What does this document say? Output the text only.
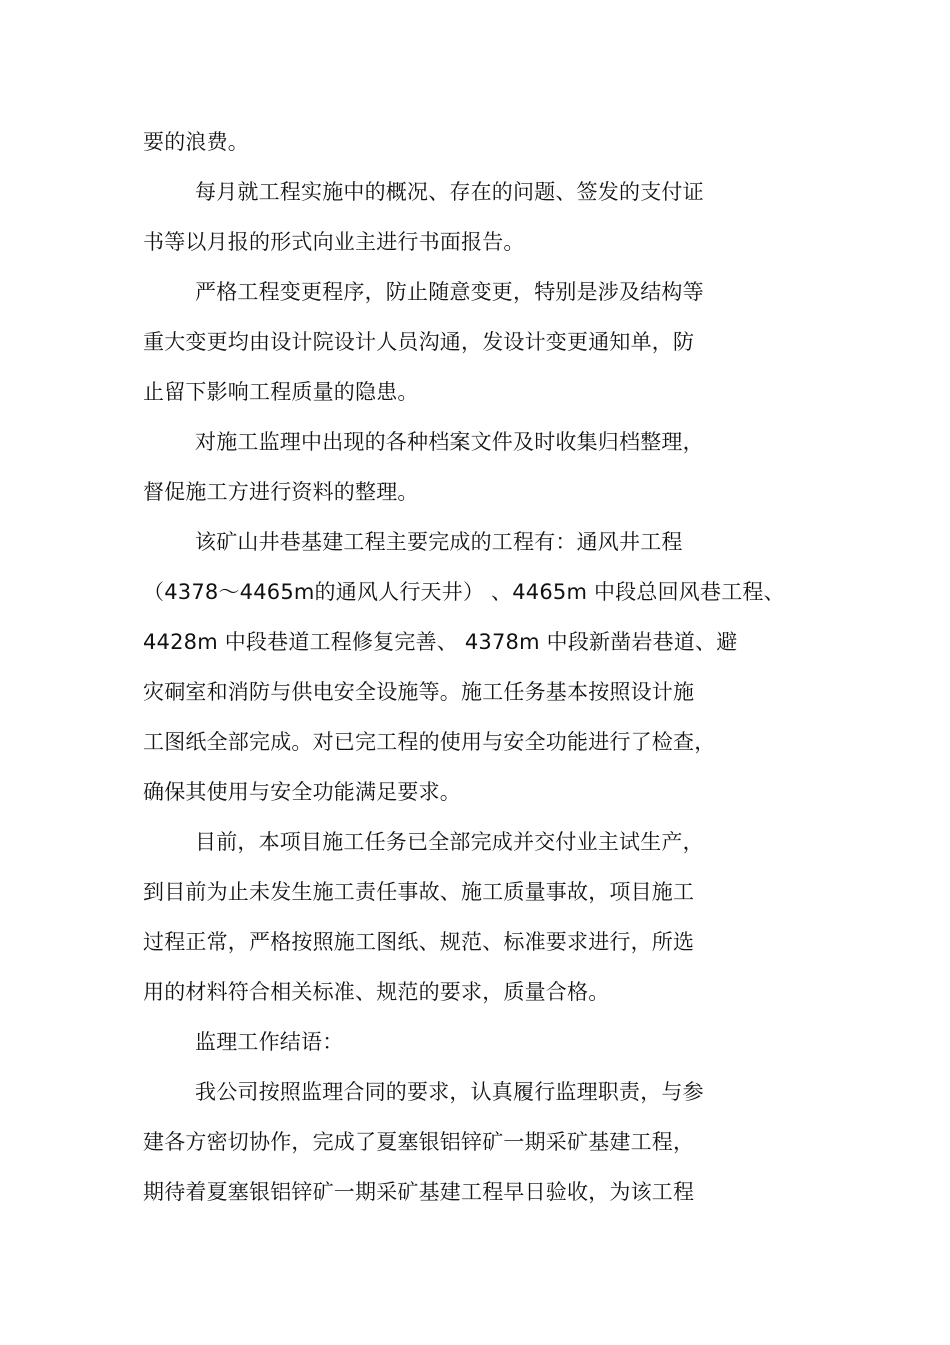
要的浪费。
每月就工程实施中的概况、存在的问题、签发的支付证
书等以月报的形式向业主进行书面报告。
严格工程变更程序，防止随意变更，特别是涉及结构等
重大变更均由设计院设计人员沟通，发设计变更通知单，防
止留下影响工程质量的隐患。
对施工监理中出现的各种档案文件及时收集归档整理，
督促施工方进行资料的整理。
该矿山井巷基建工程主要完成的工程有：通风井工程
（4378～4465m的通风人行天井） 、4465m 中段总回风巷工程、
4428m 中段巷道工程修复完善、 4378m 中段新凿岩巷道、避
灾硐室和消防与供电安全设施等。施工任务基本按照设计施
工图纸全部完成。对已完工程的使用与安全功能进行了检查，
确保其使用与安全功能满足要求。
目前，本项目施工任务已全部完成并交付业主试生产，
到目前为止未发生施工责任事故、施工质量事故，项目施工
过程正常，严格按照施工图纸、规范、标准要求进行，所选
用的材料符合相关标准、规范的要求，质量合格。
监理工作结语：
我公司按照监理合同的要求，认真履行监理职责，与参
建各方密切协作，完成了夏塞银铝锌矿一期采矿基建工程，
期待着夏塞银铝锌矿一期采矿基建工程早日验收，为该工程
